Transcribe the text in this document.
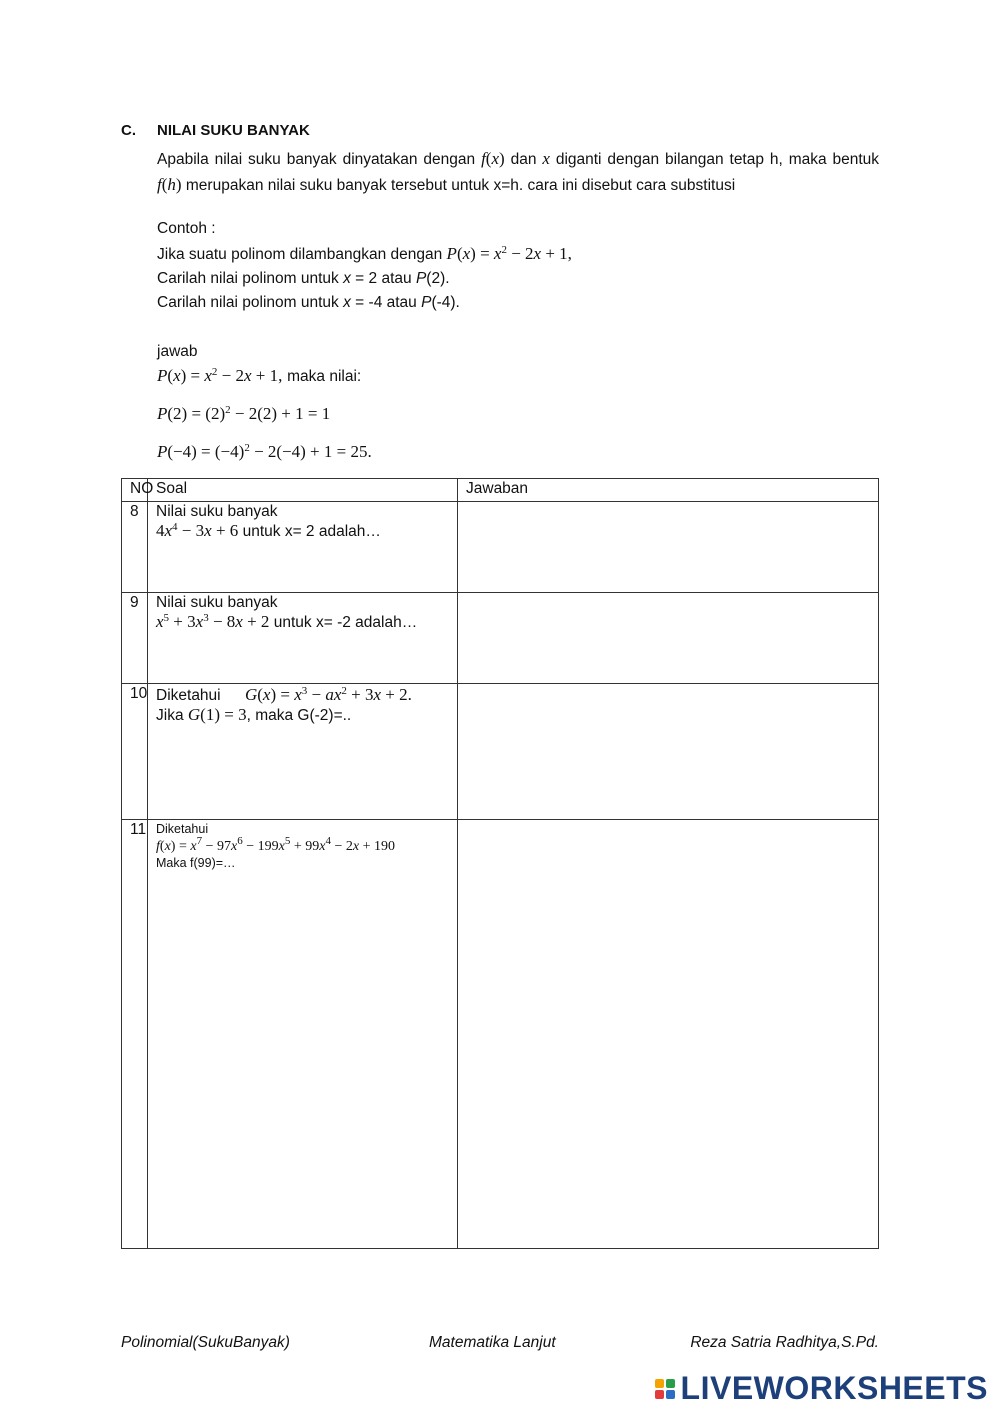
C. NILAI SUKU BANYAK
Apabila nilai suku banyak dinyatakan dengan f(x) dan x diganti dengan bilangan tetap h, maka bentuk f(h) merupakan nilai suku banyak tersebut untuk x=h. cara ini disebut cara substitusi
Contoh :
Jika suatu polinom dilambangkan dengan $P(x) = x^2 - 2x + 1$,
Carilah nilai polinom untuk x = 2 atau P(2).
Carilah nilai polinom untuk x = -4 atau P(-4).
jawab
$P(x) = x^2 - 2x + 1$, maka nilai:
$P(2) = (2)^2 - 2(2) + 1 = 1$
$P(-4) = (-4)^2 - 2(-4) + 1 = 25$.
NO	Soal	Jawaban
8	Nilai suku banyak
$4x^4 - 3x + 6$ untuk x= 2 adalah…	

9	Nilai suku banyak
$x^5 + 3x^3 - 8x + 2$ untuk x= -2 adalah…	

10	Diketahui $G(x) = x^3 - ax^2 + 3x + 2$.
Jika G(1) = 3, maka G(-2)=..	

11	Diketahui
$f(x) = x^7 - 97x^6 - 199x^5 + 99x^4 - 2x + 190$
Maka f(99)=…	

Polinomial(SukuBanyak)	Matematika Lanjut	Reza Satria Radhitya,S.Pd.
LIVEWORKSHEETS
